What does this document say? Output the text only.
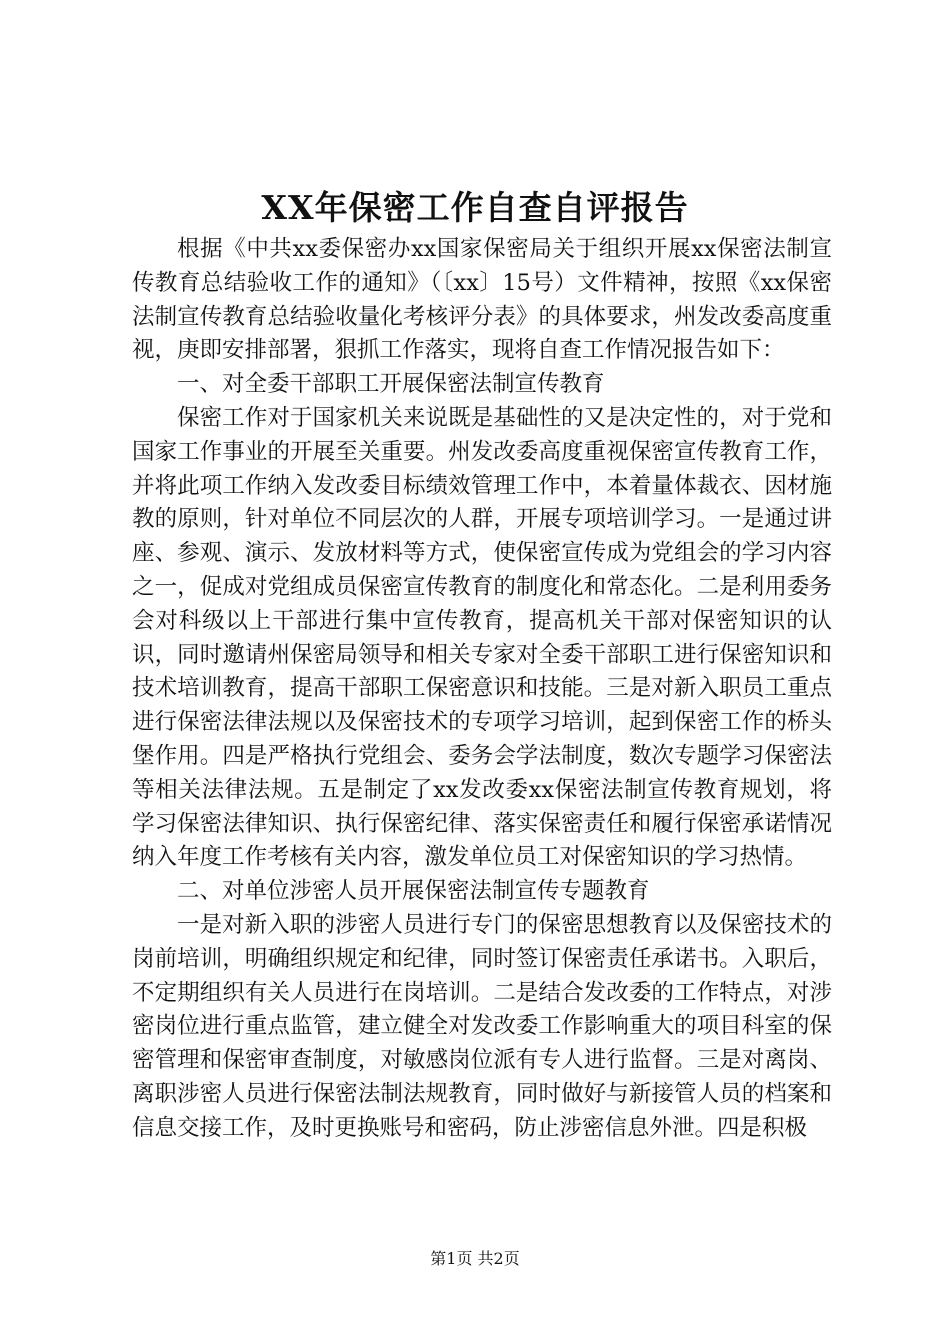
XX年保密工作自查自评报告

根据《中共xx委保密办xx国家保密局关于组织开展xx保密法制宣传教育总结验收工作的通知》（〔xx〕15号）文件精神，按照《xx保密法制宣传教育总结验收量化考核评分表》的具体要求，州发改委高度重视，庚即安排部署，狠抓工作落实，现将自查工作情况报告如下：

一、对全委干部职工开展保密法制宣传教育

保密工作对于国家机关来说既是基础性的又是决定性的，对于党和国家工作事业的开展至关重要。州发改委高度重视保密宣传教育工作，并将此项工作纳入发改委目标绩效管理工作中，本着量体裁衣、因材施教的原则，针对单位不同层次的人群，开展专项培训学习。一是通过讲座、参观、演示、发放材料等方式，使保密宣传成为党组会的学习内容之一，促成对党组成员保密宣传教育的制度化和常态化。二是利用委务会对科级以上干部进行集中宣传教育，提高机关干部对保密知识的认识，同时邀请州保密局领导和相关专家对全委干部职工进行保密知识和技术培训教育，提高干部职工保密意识和技能。三是对新入职员工重点进行保密法律法规以及保密技术的专项学习培训，起到保密工作的桥头堡作用。四是严格执行党组会、委务会学法制度，数次专题学习保密法等相关法律法规。五是制定了xx发改委xx保密法制宣传教育规划，将学习保密法律知识、执行保密纪律、落实保密责任和履行保密承诺情况纳入年度工作考核有关内容，激发单位员工对保密知识的学习热情。

二、对单位涉密人员开展保密法制宣传专题教育

一是对新入职的涉密人员进行专门的保密思想教育以及保密技术的岗前培训，明确组织规定和纪律，同时签订保密责任承诺书。入职后，不定期组织有关人员进行在岗培训。二是结合发改委的工作特点，对涉密岗位进行重点监管，建立健全对发改委工作影响重大的项目科室的保密管理和保密审查制度，对敏感岗位派有专人进行监督。三是对离岗、离职涉密人员进行保密法制法规教育，同时做好与新接管人员的档案和信息交接工作，及时更换账号和密码，防止涉密信息外泄。四是积极

第1页 共2页
